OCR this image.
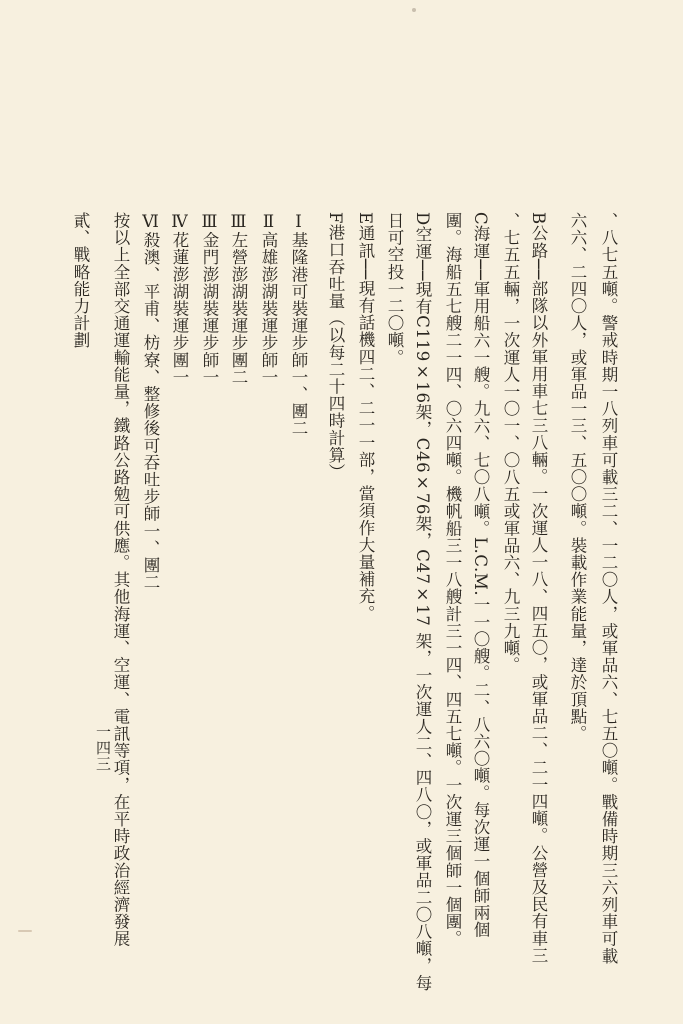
、八七五噸。警戒時期一八列車可載三二、一二〇人，或軍品六、七五〇噸。戰備時期三六列車可載
六六、二四〇人，或軍品一三、五〇〇噸。裝載作業能量，達於頂點。
B公路──部隊以外軍用車七三八輛。一次運人一八、四五〇，或軍品二、二一四噸。公營及民有車三
、七五五輛，一次運人一〇一、〇八五或軍品六、九三九噸。
C海運──軍用船六一艘。九六、七〇八噸。L.C.M.一一〇艘。二、八六〇噸。每次運一個師兩個
團。海船五七艘二一四、〇六四噸。機帆船三一八艘計三一四、四五七噸。一次運三個師一個團。
D空運──現有C119×16架，C46×76架，C47×17 架，一次運人二、四八〇，或軍品二〇八噸，每
日可空投一二〇噸。
E通訊──現有話機四二、二一一部，當須作大量補充。
F港口吞吐量（以每二十四時計算）
Ⅰ基隆港可裝運步師一、團二
Ⅱ高雄澎湖裝運步師一
Ⅲ左營澎湖裝運步團二
Ⅲ金門澎湖裝運步師一
Ⅳ花蓮澎湖裝運步團一
Ⅵ殺澳、平甫、枋寮、整修後可吞吐步師一、團二
按以上全部交通運輸能量，鐵路公路勉可供應。其他海運、空運、電訊等項，在平時政治經濟發展
貳、戰略能力計劃
一四三
